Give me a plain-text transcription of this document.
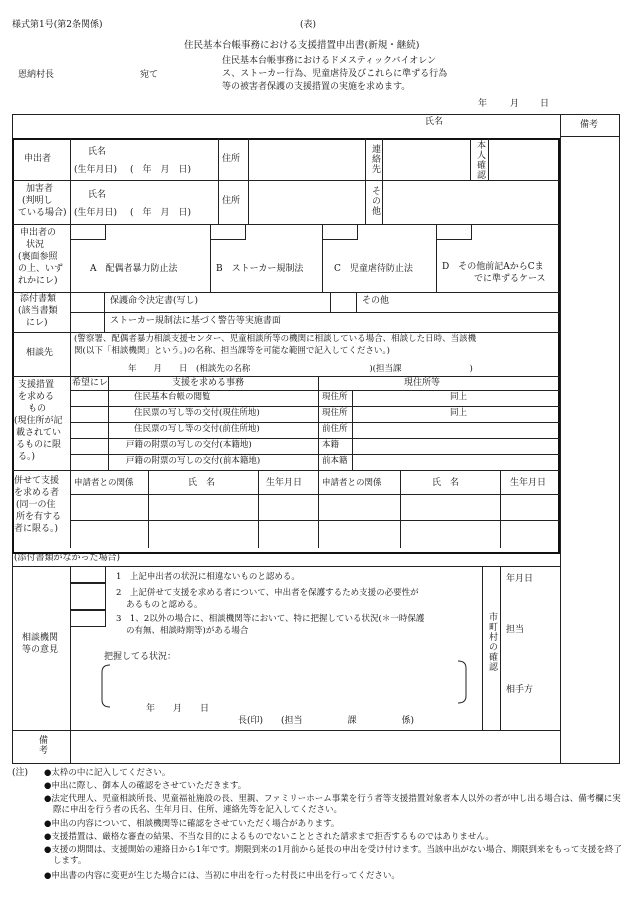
様式第1号(第2条関係)	(表)
住民基本台帳事務における支援措置申出書(新規・継続)
恩納村長	宛て
住民基本台帳事務におけるドメスティックバイオレン
ス、ストーカー行為、児童虐待及びこれらに準ずる行為
等の被害者保護の支援措置の実施を求めます。
年	月 日
氏名	備考
申出者
氏名
(生年月日) (　年　月　日)
住所	連絡先	本人確認
加害者
(判明し
ている場合)
氏名
(生年月日) (　年　月　日)
住所	その他
申出者の
状況
(裏面参照
の上、いず
れかにレ)
A　配偶者暴力防止法	B　ストーカー規制法	C　児童虐待防止法	D　その他前記AからCま
でに準ずるケース
添付書類
(該当書類
にレ)
保護命令決定書(写し)	その他
ストーカー規制法に基づく警告等実施書面
相談先
(警察署、配偶者暴力相談支援センター、児童相談所等の機関に相談している場合、相談した日時、当該機
関(以下「相談機関」という。)の名称、担当課等を可能な範囲で記入してください。)
年　　月　　日　(相談先の名称　　　　　　　　　　　　　　)(担当課　　　　　　　　)
支援措置
を求める
もの
(現住所が記
載されてい
るものに限
る。)
希望にレ	支援を求める事務	現住所等
住民基本台帳の閲覧	現住所	同上
住民票の写し等の交付(現住所地)	現住所	同上
住民票の写し等の交付(前住所地)	前住所
戸籍の附票の写しの交付(本籍地)	本籍
戸籍の附票の写しの交付(前本籍地)	前本籍
併せて支援
を求める者
(同一の住
所を有する
者に限る。)
申請者との関係	氏　名	生年月日 申請者との関係	氏　名	生年月日
(添付書類がなかった場合)
相談機関
等の意見
1　上記申出者の状況に相違ないものと認める。
2　上記併せて支援を求める者について、申出者を保護するため支援の必要性が
あるものと認める。
3　1、2以外の場合に、相談機関等において、特に把握している状況(＊一時保護
の有無、相談時期等)がある場合
把握してる状況：
年　　月　　日
長(印)　　(担当　　　　　課　　　　　係)
市町村の確認
年月日
担当
相手方
備考
(注) ●太枠の中に記入してください。
●申出に際し、御本人の確認をさせていただきます。
●法定代理人、児童相談所長、児童福祉施設の長、里親、ファミリーホーム事業を行う者等支援措置対象者本人以外の者が申し出る場合は、備考欄に実際に申出を行う者の氏名、生年月日、住所、連絡先等を記入してください。
●申出の内容について、相談機関等に確認をさせていただく場合があります。
●支援措置は、厳格な審査の結果、不当な目的によるものでないこととされた請求まで拒否するものではありません。
●支援の期間は、支援開始の連絡日から1年です。期限到来の1月前から延長の申出を受け付けます。当該申出がない場合、期限到来をもって支援を終了します。
●申出書の内容に変更が生じた場合には、当初に申出を行った村長に申出を行ってください。
